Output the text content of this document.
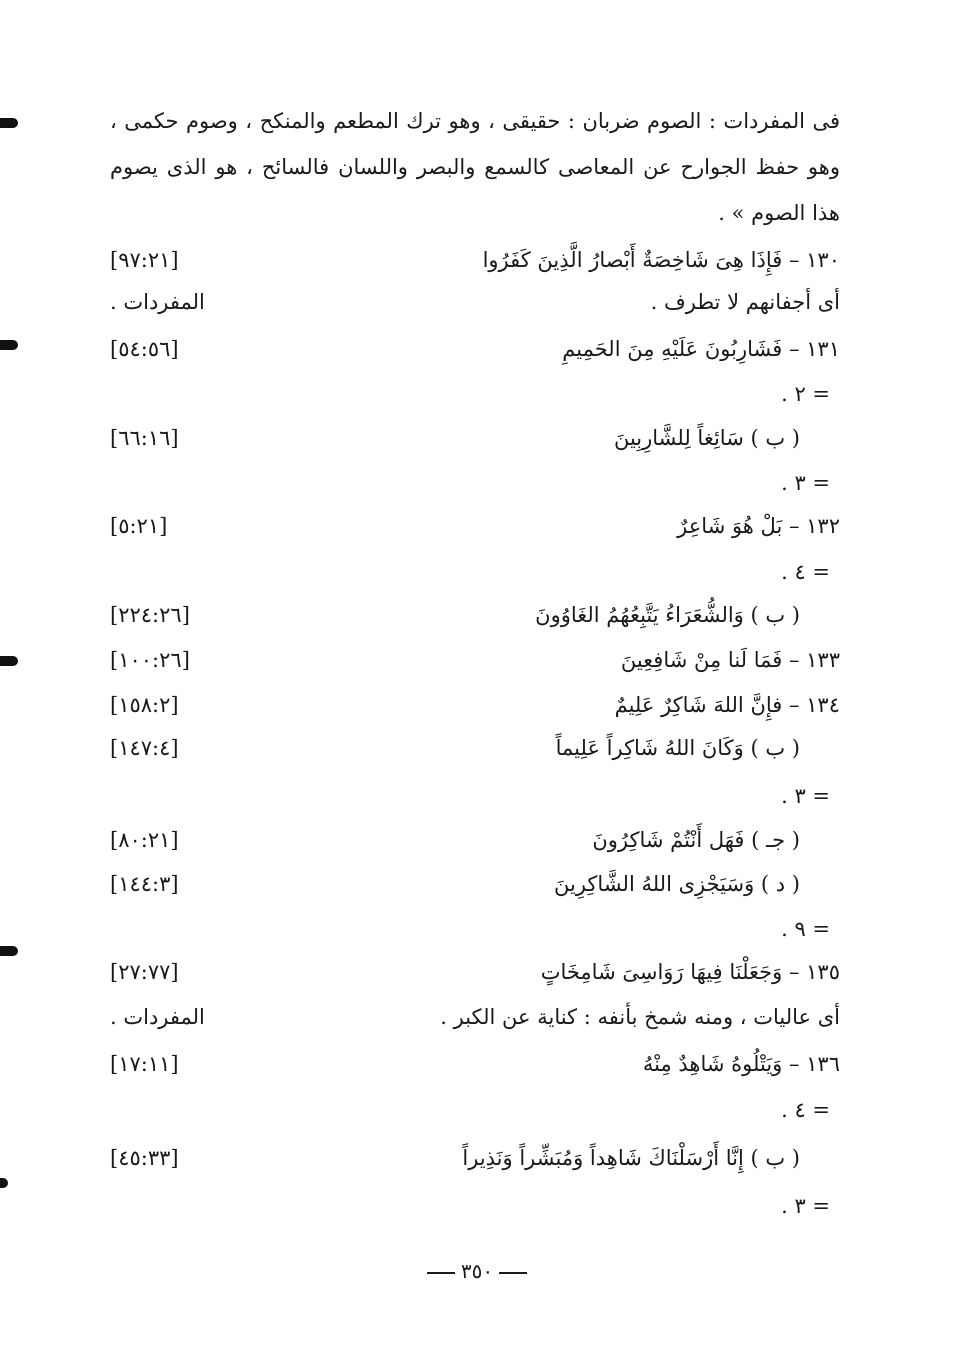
فى المفردات : الصوم ضربان : حقيقى ، وهو ترك المطعم والمنكح ، وصوم حكمى ، وهو حفظ الجوارح عن المعاصى كالسمع والبصر واللسان فالسائح ، هو الذى يصوم هذا الصوم » .
١٣٠ – فَإِذَا هِىَ شَاخِصَةٌ أَبْصارُ الَّذِينَ كَفَرُوا
[٩٧:٢١]
أى أجفانهم لا تطرف .
المفردات .
١٣١ – فَشَارِبُونَ عَلَيْهِ مِنَ الحَمِيمِ
[٥٤:٥٦]
= ٢ .
( ب ) سَائِغاً لِلشَّارِبِينَ
[٦٦:١٦]
= ٣ .
١٣٢ – بَلْ هُوَ شَاعِرٌ
[٥:٢١]
= ٤ .
( ب ) وَالشُّعَرَاءُ يَتَّبِعُهُمُ الغَاوُونَ
[٢٢٤:٢٦]
١٣٣ – فَمَا لَنا مِنْ شَافِعِينَ
[١٠٠:٢٦]
١٣٤ – فإِنَّ اللهَ شَاكِرٌ عَلِيمٌ
[١٥٨:٢]
( ب ) وَكَانَ اللهُ شَاكِراً عَلِيماً
[١٤٧:٤]
= ٣ .
( جـ ) فَهَل أَنْتُمْ شَاكِرُونَ
[٨٠:٢١]
( د ) وَسَيَجْزِى اللهُ الشَّاكِرِينَ
[١٤٤:٣]
= ٩ .
١٣٥ – وَجَعَلْنَا فِيهَا رَوَاسِىَ شَامِخَاتٍ
[٢٧:٧٧]
أى عاليات ، ومنه شمخ بأنفه : كناية عن الكبر .
المفردات .
١٣٦ – وَيَتْلُوهُ شَاهِدٌ مِنْهُ
[١٧:١١]
= ٤ .
( ب ) إِنَّا أَرْسَلْنَاكَ شَاهِداً وَمُبَشِّراً وَنَذِيراً
[٤٥:٣٣]
= ٣ .
٣٥٠
